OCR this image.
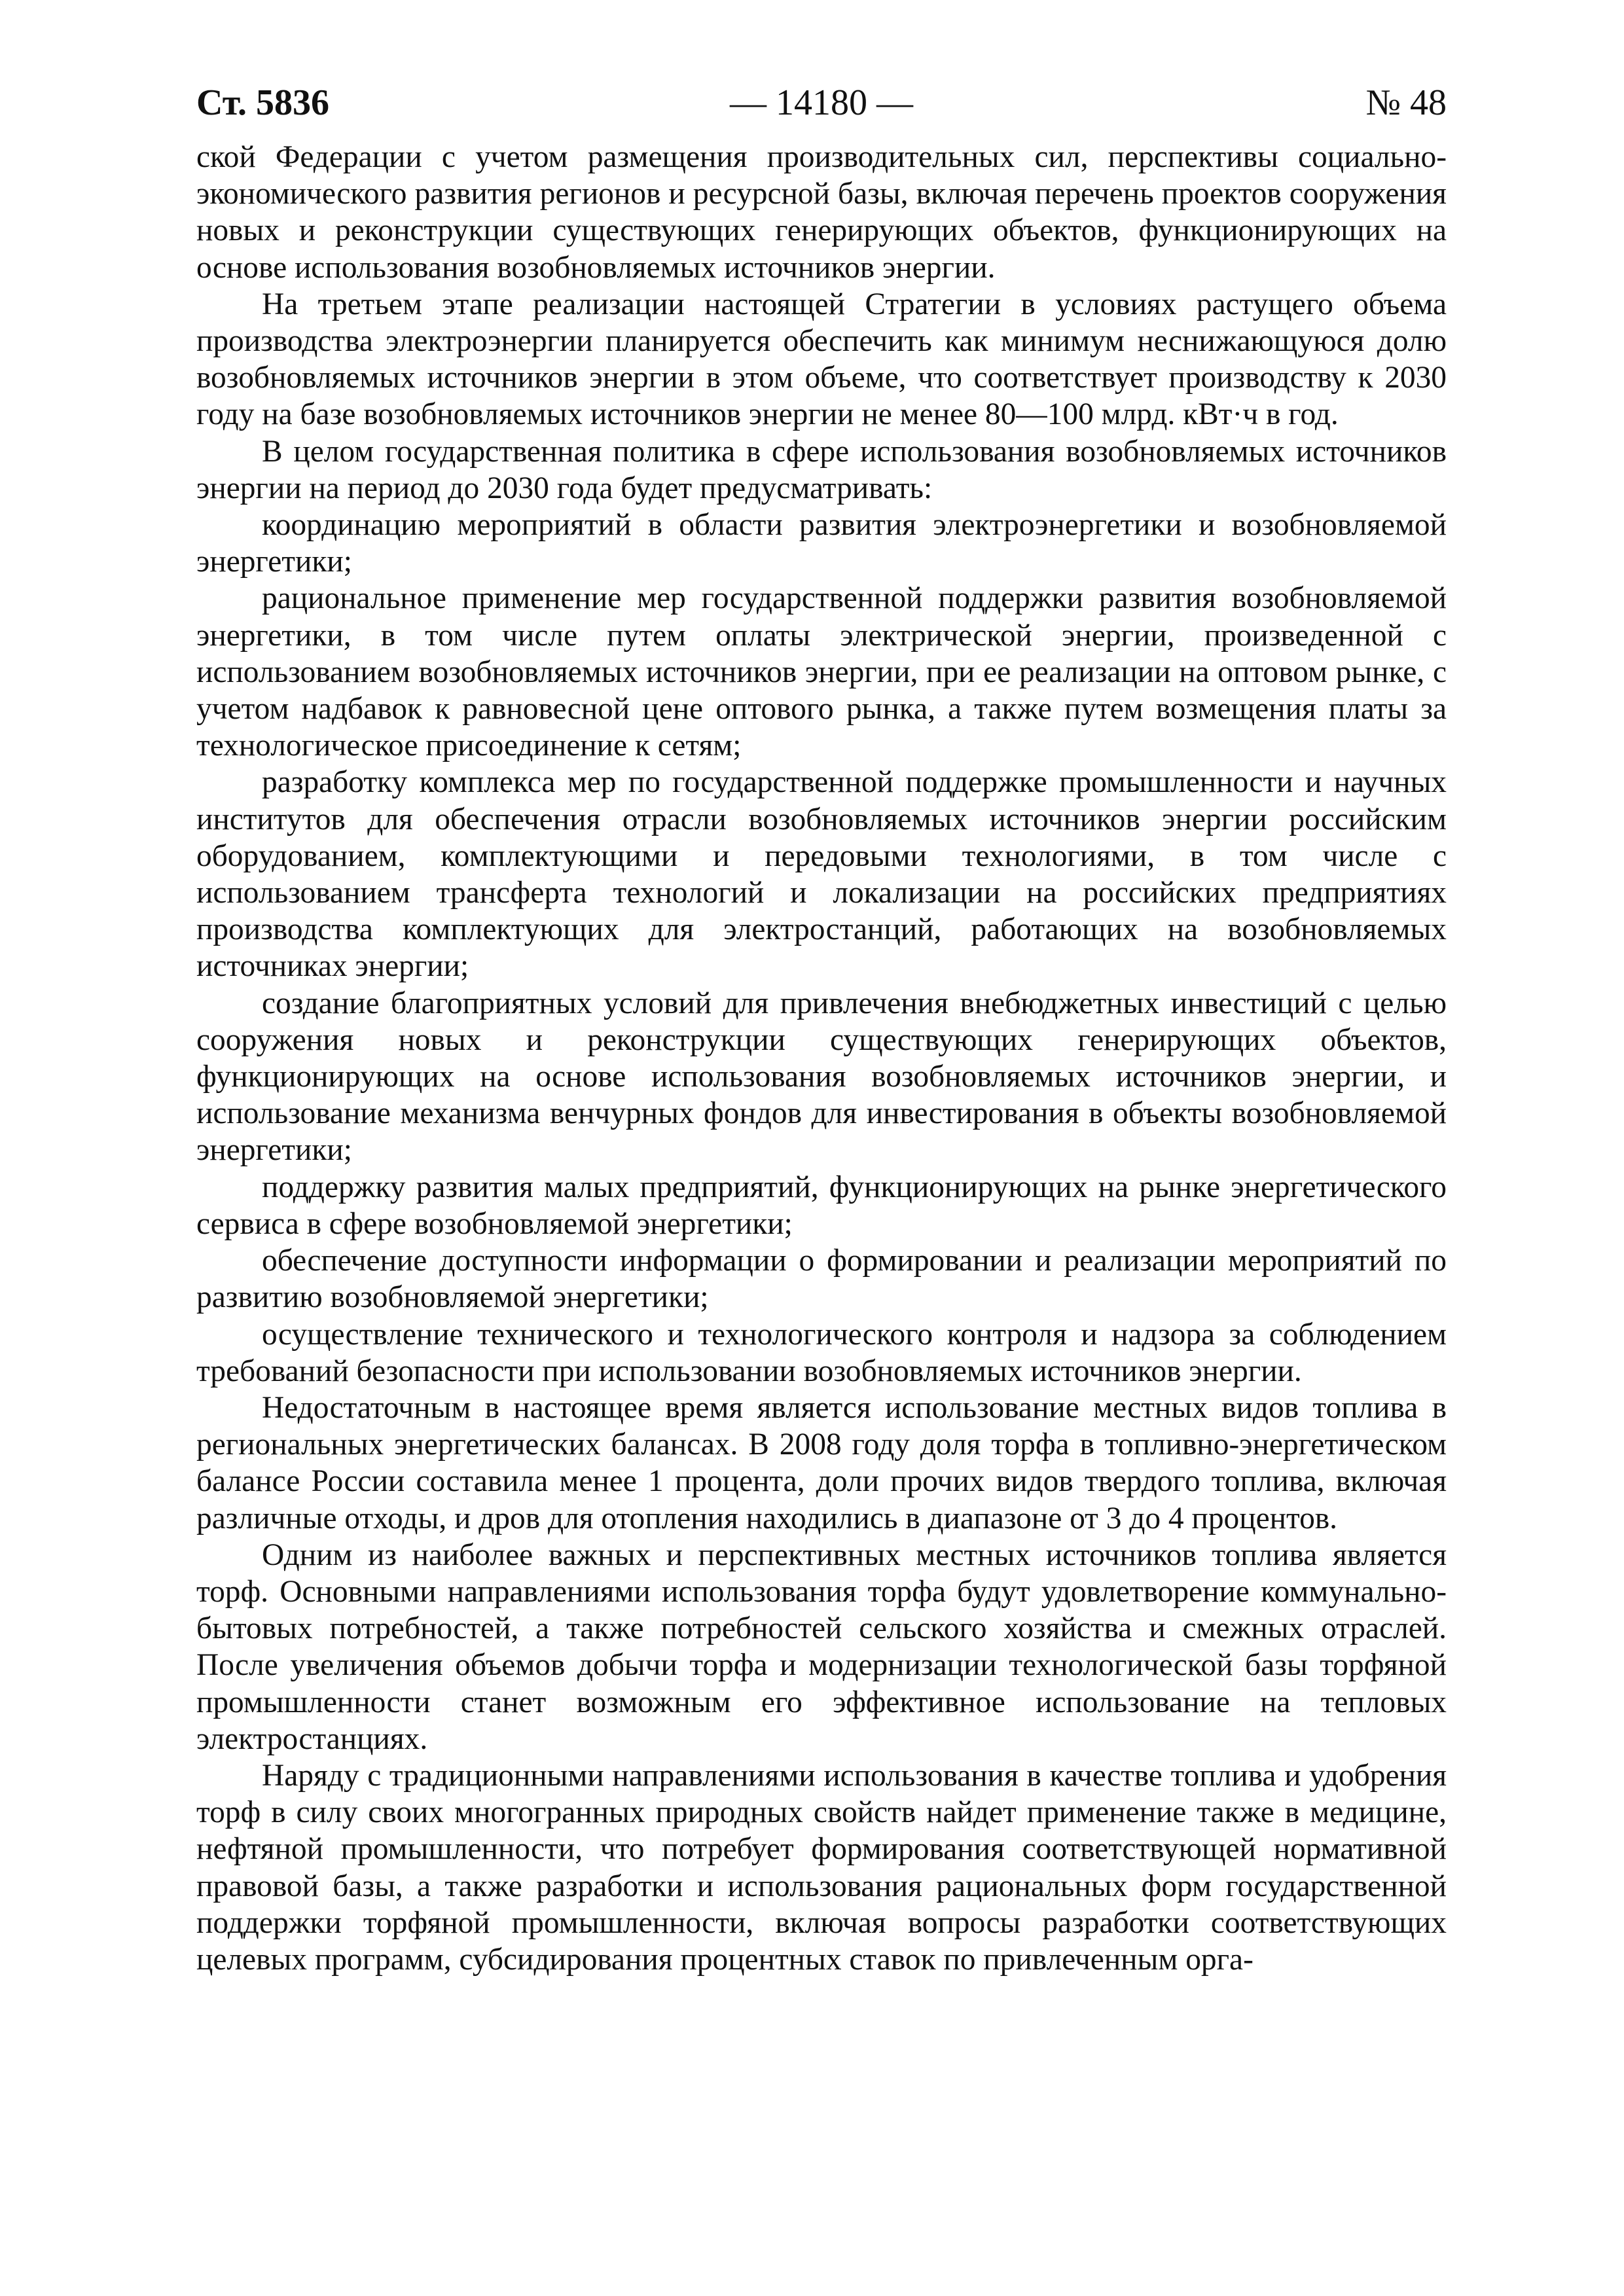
Ст. 5836	— 14180 —	№ 48

ской Федерации с учетом размещения производительных сил, перспективы социально-экономического развития регионов и ресурсной базы, включая перечень проектов сооружения новых и реконструкции существующих генерирующих объектов, функционирующих на основе использования возобновляемых источников энергии.

На третьем этапе реализации настоящей Стратегии в условиях растущего объема производства электроэнергии планируется обеспечить как минимум неснижающуюся долю возобновляемых источников энергии в этом объеме, что соответствует производству к 2030 году на базе возобновляемых источников энергии не менее 80—100 млрд. кВт·ч в год.

В целом государственная политика в сфере использования возобновляемых источников энергии на период до 2030 года будет предусматривать:

координацию мероприятий в области развития электроэнергетики и возобновляемой энергетики;

рациональное применение мер государственной поддержки развития возобновляемой энергетики, в том числе путем оплаты электрической энергии, произведенной с использованием возобновляемых источников энергии, при ее реализации на оптовом рынке, с учетом надбавок к равновесной цене оптового рынка, а также путем возмещения платы за технологическое присоединение к сетям;

разработку комплекса мер по государственной поддержке промышленности и научных институтов для обеспечения отрасли возобновляемых источников энергии российским оборудованием, комплектующими и передовыми технологиями, в том числе с использованием трансферта технологий и локализации на российских предприятиях производства комплектующих для электростанций, работающих на возобновляемых источниках энергии;

создание благоприятных условий для привлечения внебюджетных инвестиций с целью сооружения новых и реконструкции существующих генерирующих объектов, функционирующих на основе использования возобновляемых источников энергии, и использование механизма венчурных фондов для инвестирования в объекты возобновляемой энергетики;

поддержку развития малых предприятий, функционирующих на рынке энергетического сервиса в сфере возобновляемой энергетики;

обеспечение доступности информации о формировании и реализации мероприятий по развитию возобновляемой энергетики;

осуществление технического и технологического контроля и надзора за соблюдением требований безопасности при использовании возобновляемых источников энергии.

Недостаточным в настоящее время является использование местных видов топлива в региональных энергетических балансах. В 2008 году доля торфа в топливно-энергетическом балансе России составила менее 1 процента, доли прочих видов твердого топлива, включая различные отходы, и дров для отопления находились в диапазоне от 3 до 4 процентов.

Одним из наиболее важных и перспективных местных источников топлива является торф. Основными направлениями использования торфа будут удовлетворение коммунально-бытовых потребностей, а также потребностей сельского хозяйства и смежных отраслей. После увеличения объемов добычи торфа и модернизации технологической базы торфяной промышленности станет возможным его эффективное использование на тепловых электростанциях.

Наряду с традиционными направлениями использования в качестве топлива и удобрения торф в силу своих многогранных природных свойств найдет применение также в медицине, нефтяной промышленности, что потребует формирования соответствующей нормативной правовой базы, а также разработки и использования рациональных форм государственной поддержки торфяной промышленности, включая вопросы разработки соответствующих целевых программ, субсидирования процентных ставок по привлеченным орга-
